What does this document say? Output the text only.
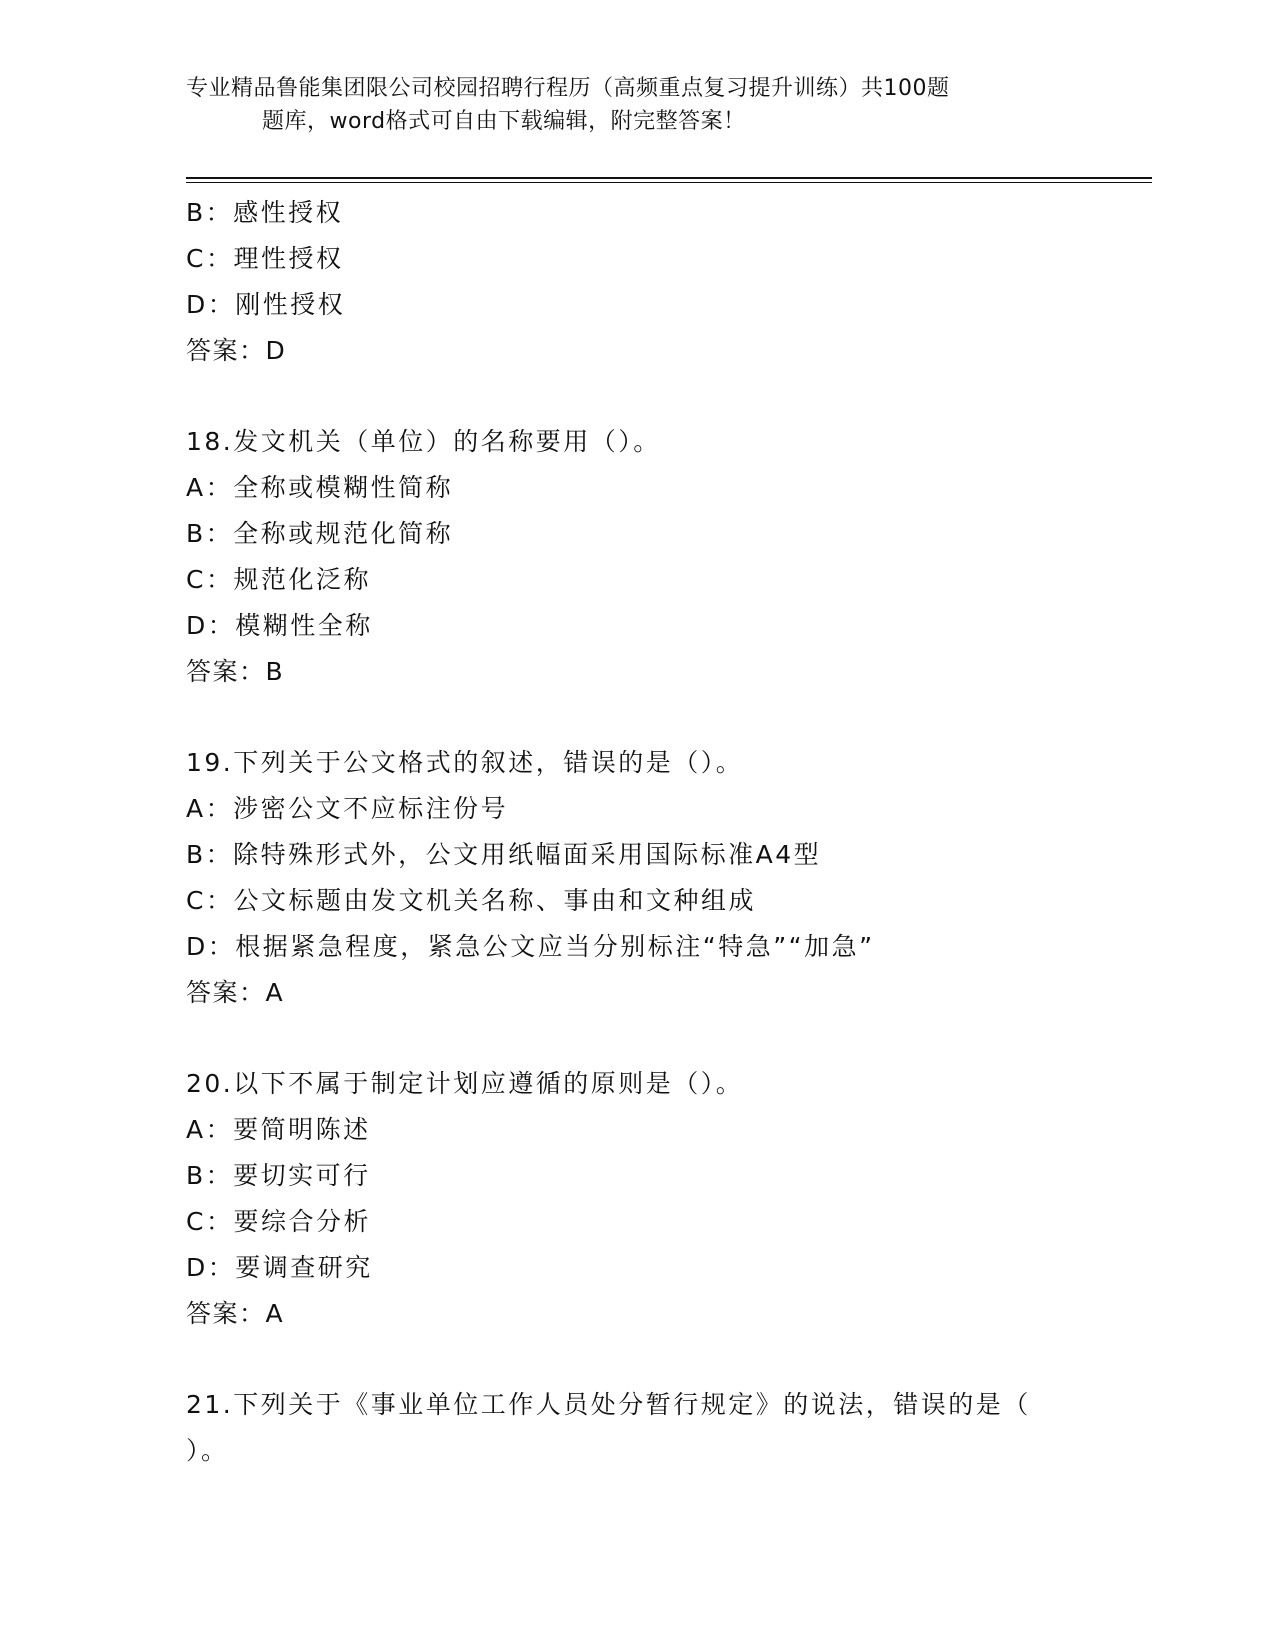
专业精品鲁能集团限公司校园招聘行程历（高频重点复习提升训练）共100题
题库，word格式可自由下载编辑，附完整答案！
B：感性授权
C：理性授权
D：刚性授权
答案：D
18.发文机关（单位）的名称要用（）。
A：全称或模糊性简称
B：全称或规范化简称
C：规范化泛称
D：模糊性全称
答案：B
19.下列关于公文格式的叙述，错误的是（）。
A：涉密公文不应标注份号
B：除特殊形式外，公文用纸幅面采用国际标准A4型
C：公文标题由发文机关名称、事由和文种组成
D：根据紧急程度，紧急公文应当分别标注“特急”“加急”
答案：A
20.以下不属于制定计划应遵循的原则是（）。
A：要简明陈述
B：要切实可行
C：要综合分析
D：要调查研究
答案：A
21.下列关于《事业单位工作人员处分暂行规定》的说法，错误的是（
）。
